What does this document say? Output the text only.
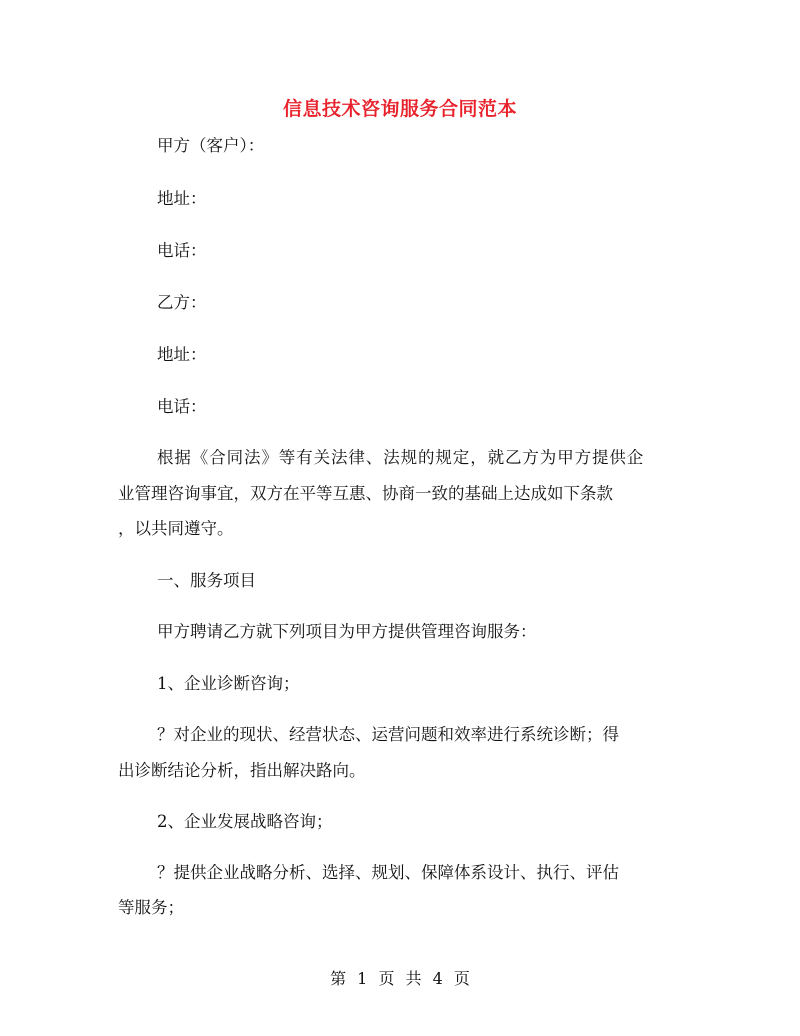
信息技术咨询服务合同范本
甲方（客户）：
地址：
电话：
乙方：
地址：
电话：
根据《合同法》等有关法律、法规的规定，就乙方为甲方提供企
业管理咨询事宜，双方在平等互惠、协商一致的基础上达成如下条款
，以共同遵守。
一、服务项目
甲方聘请乙方就下列项目为甲方提供管理咨询服务：
1、企业诊断咨询；
？对企业的现状、经营状态、运营问题和效率进行系统诊断；得
出诊断结论分析，指出解决路向。
2、企业发展战略咨询；
？提供企业战略分析、选择、规划、保障体系设计、执行、评估
等服务；
第 1 页 共 4 页
